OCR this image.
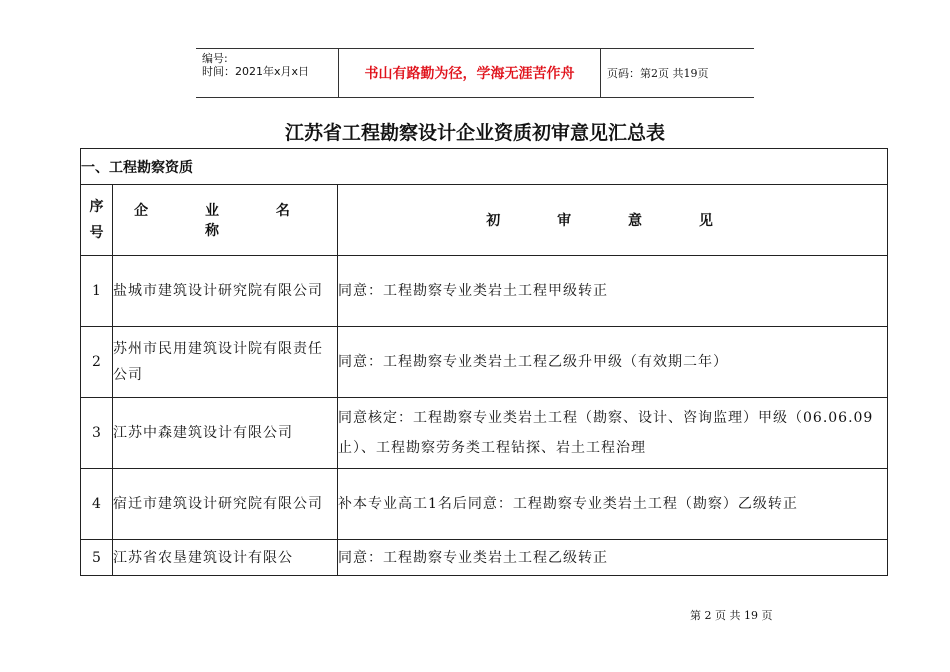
编号:
时间：2021年x月x日	书山有路勤为径，学海无涯苦作舟	页码：第2页 共19页
江苏省工程勘察设计企业资质初审意见汇总表
一、工程勘察资质		
序
号	企 业 名 称	初 审 意 见
1	盐城市建筑设计研究院有限公司	同意：工程勘察专业类岩土工程甲级转正
2	苏州市民用建筑设计院有限责任公司	同意：工程勘察专业类岩土工程乙级升甲级（有效期二年）
3	江苏中森建筑设计有限公司	同意核定：工程勘察专业类岩土工程（勘察、设计、咨询监理）甲级（06.06.09止）、工程勘察劳务类工程钻探、岩土工程治理
4	宿迁市建筑设计研究院有限公司	补本专业高工1名后同意：工程勘察专业类岩土工程（勘察）乙级转正
5	江苏省农垦建筑设计有限公	同意：工程勘察专业类岩土工程乙级转正
第 2 页 共 19 页
